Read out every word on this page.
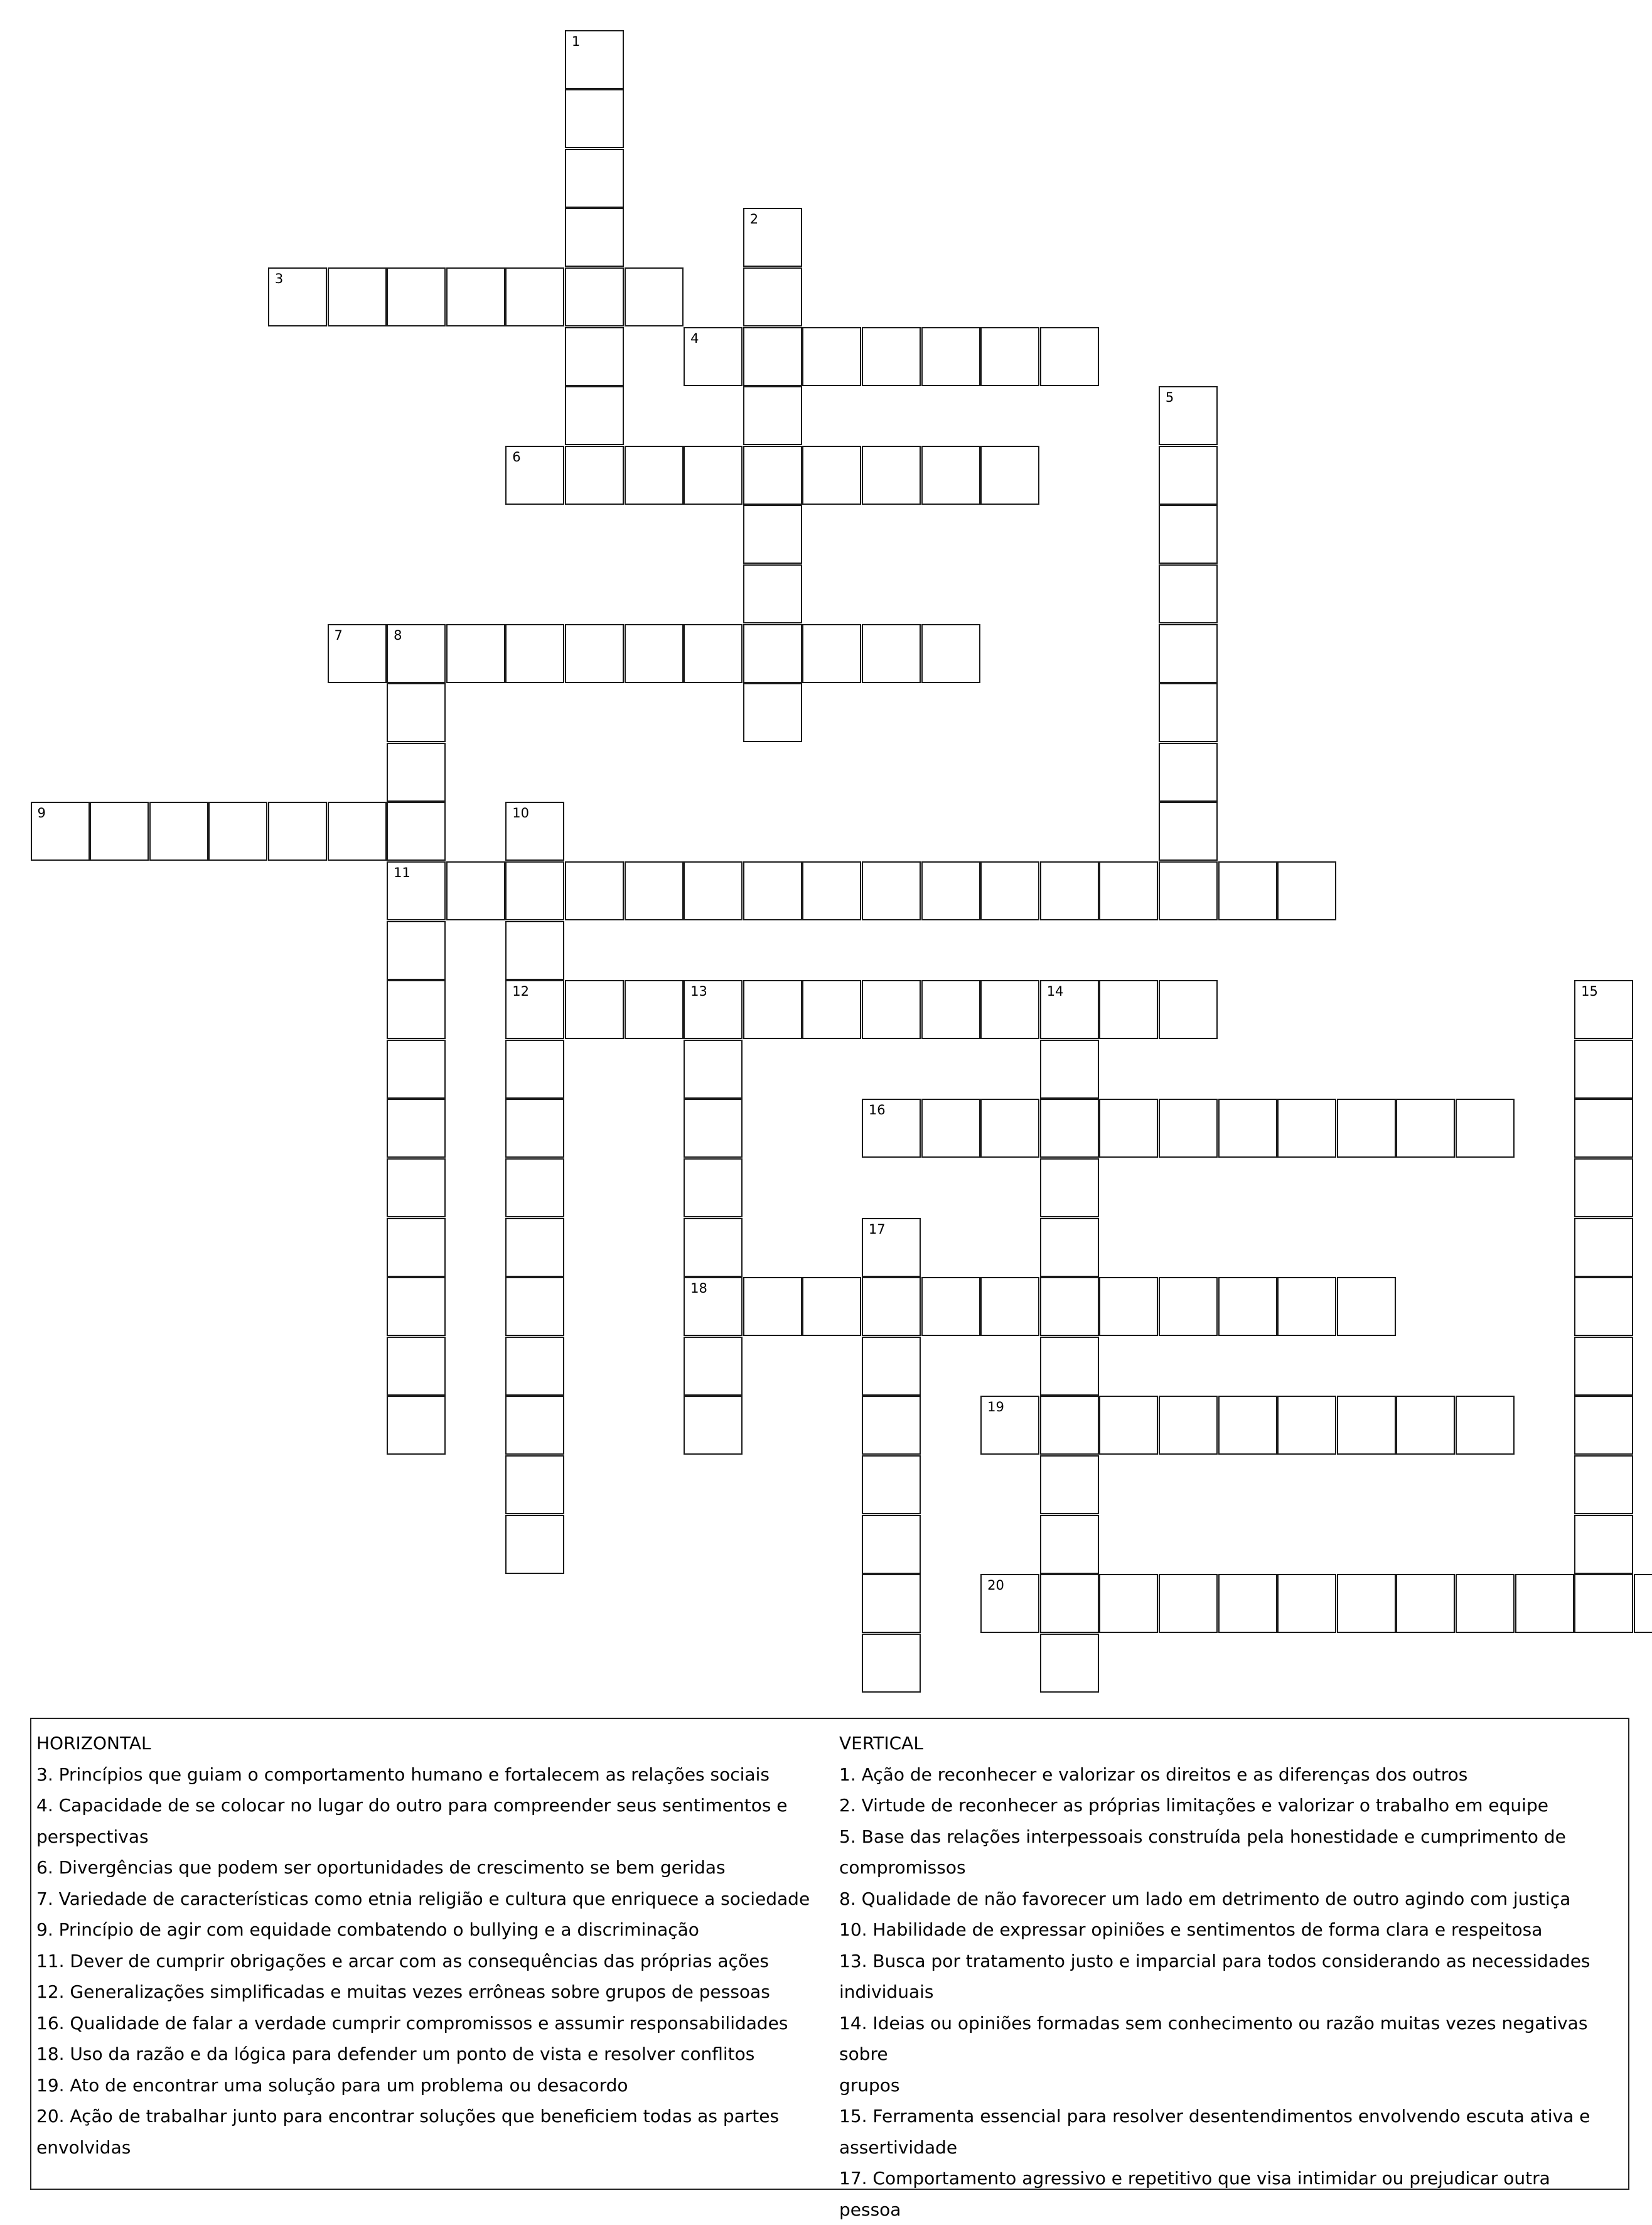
1
2
3
4
5
6
7	8
11
9	10
12	13	14
18
15
16
17
19
20
HORIZONTAL
3. Princípios que guiam o comportamento humano e fortalecem as relações sociais
4. Capacidade de se colocar no lugar do outro para compreender seus sentimentos e
perspectivas
6. Divergências que podem ser oportunidades de crescimento se bem geridas
7. Variedade de características como etnia religião e cultura que enriquece a sociedade
9. Princípio de agir com equidade combatendo o bullying e a discriminação
11. Dever de cumprir obrigações e arcar com as consequências das próprias ações
12. Generalizações simplificadas e muitas vezes errôneas sobre grupos de pessoas
16. Qualidade de falar a verdade cumprir compromissos e assumir responsabilidades
18. Uso da razão e da lógica para defender um ponto de vista e resolver conflitos
19. Ato de encontrar uma solução para um problema ou desacordo
20. Ação de trabalhar junto para encontrar soluções que beneficiem todas as partes
envolvidas
VERTICAL
1. Ação de reconhecer e valorizar os direitos e as diferenças dos outros
2. Virtude de reconhecer as próprias limitações e valorizar o trabalho em equipe
5. Base das relações interpessoais construída pela honestidade e cumprimento de
compromissos
8. Qualidade de não favorecer um lado em detrimento de outro agindo com justiça
10. Habilidade de expressar opiniões e sentimentos de forma clara e respeitosa
13. Busca por tratamento justo e imparcial para todos considerando as necessidades
individuais
14. Ideias ou opiniões formadas sem conhecimento ou razão muitas vezes negativas sobre
grupos
15. Ferramenta essencial para resolver desentendimentos envolvendo escuta ativa e
assertividade
17. Comportamento agressivo e repetitivo que visa intimidar ou prejudicar outra pessoa
